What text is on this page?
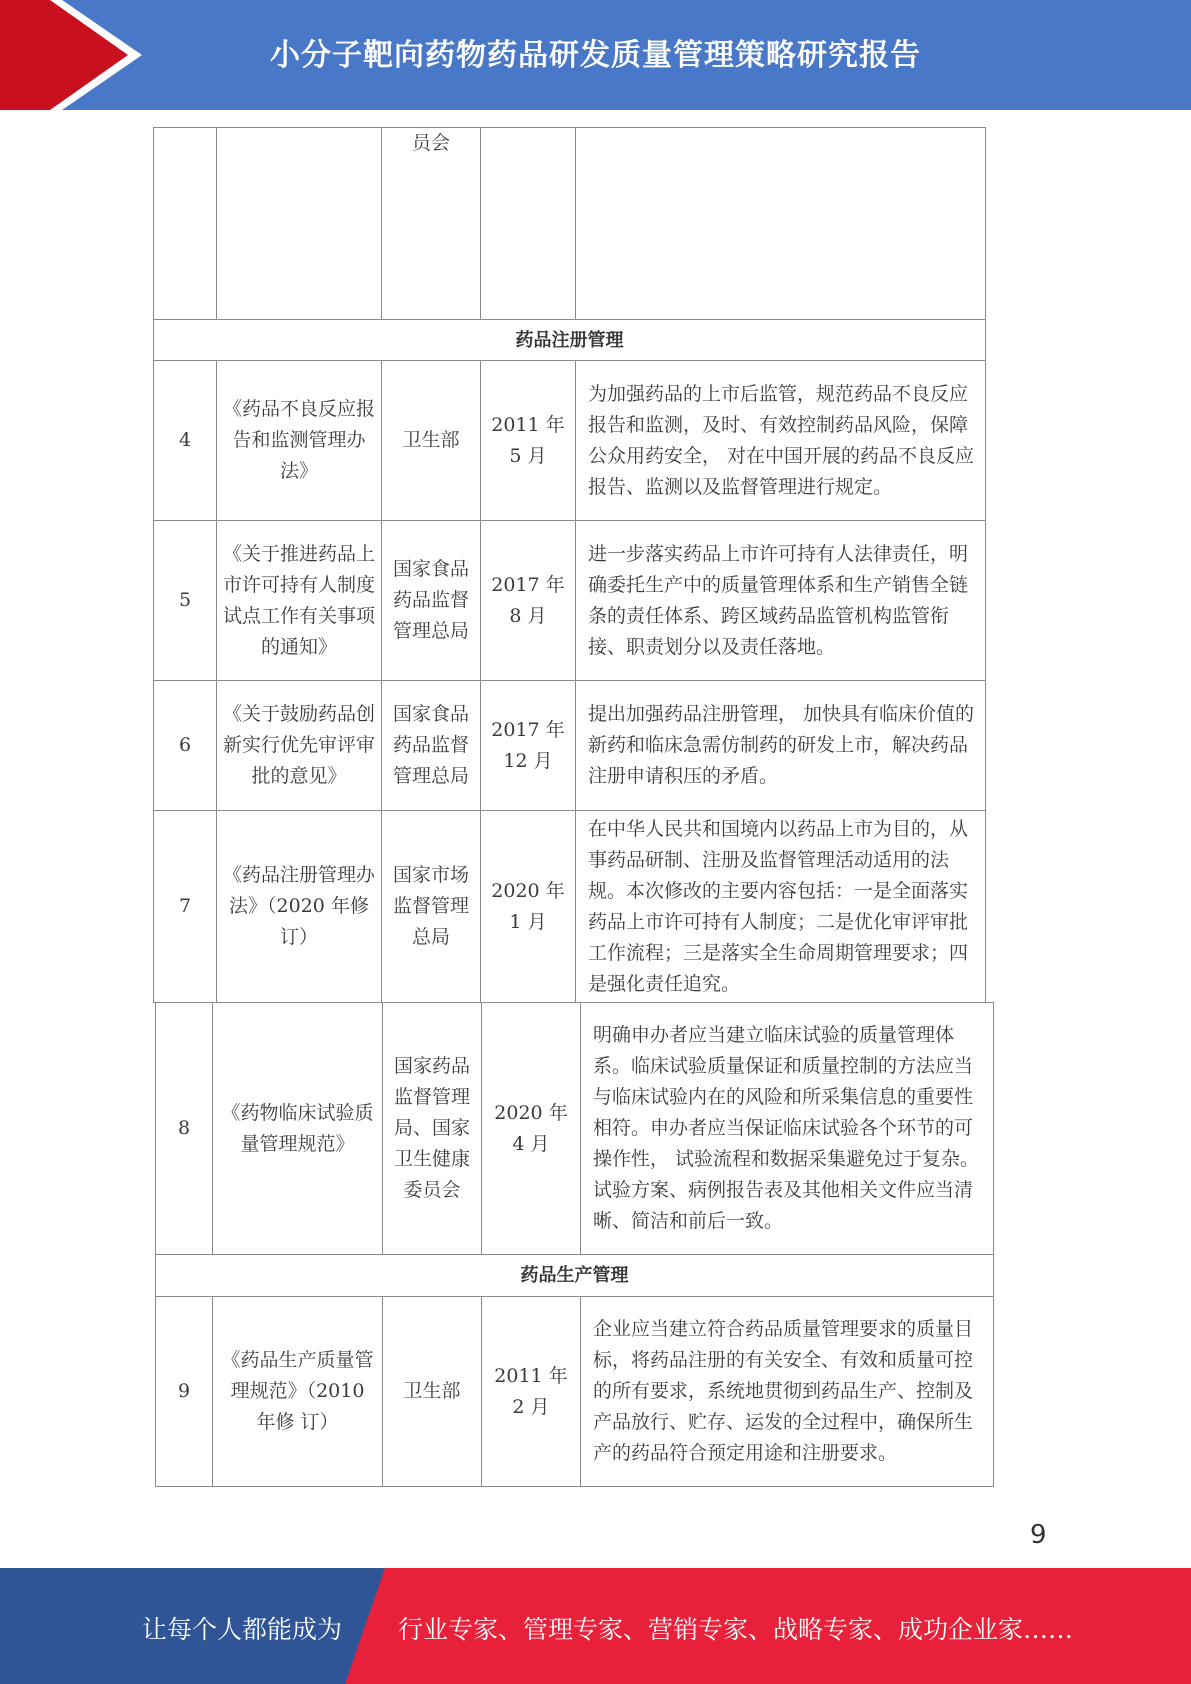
小分子靶向药物药品研发质量管理策略研究报告
		员会		
药品注册管理				
4	《药品不良反应报告和监测管理办法》	卫生部	2011 年 5 月	为加强药品的上市后监管，规范药品不良反应报告和监测，及时、有效控制药品风险，保障公众用药安全， 对在中国开展的药品不良反应报告、监测以及监督管理进行规定。
5	《关于推进药品上市许可持有人制度试点工作有关事项的通知》	国家食品药品监督管理总局	2017 年 8 月	进一步落实药品上市许可持有人法律责任，明确委托生产中的质量管理体系和生产销售全链条的责任体系、跨区域药品监管机构监管衔接、职责划分以及责任落地。
6	《关于鼓励药品创新实行优先审评审批的意见》	国家食品药品监督管理总局	2017 年 12 月	提出加强药品注册管理， 加快具有临床价值的新药和临床急需仿制药的研发上市，解决药品注册申请积压的矛盾。
7	《药品注册管理办法》（2020 年修 订）	国家市场监督管理总局	2020 年 1 月	在中华人民共和国境内以药品上市为目的，从事药品研制、注册及监督管理活动适用的法规。本次修改的主要内容包括：一是全面落实药品上市许可持有人制度；二是优化审评审批工作流程；三是落实全生命周期管理要求；四是强化责任追究。
8	《药物临床试验质量管理规范》	国家药品监督管理局、国家卫生健康委员会	2020 年 4 月	明确申办者应当建立临床试验的质量管理体系。临床试验质量保证和质量控制的方法应当与临床试验内在的风险和所采集信息的重要性相符。申办者应当保证临床试验各个环节的可操作性， 试验流程和数据采集避免过于复杂。试验方案、病例报告表及其他相关文件应当清晰、简洁和前后一致。
药品生产管理				
9	《药品生产质量管理规范》（2010 年修 订）	卫生部	2011 年 2 月	企业应当建立符合药品质量管理要求的质量目标，将药品注册的有关安全、有效和质量可控的所有要求，系统地贯彻到药品生产、控制及产品放行、贮存、运发的全过程中，确保所生产的药品符合预定用途和注册要求。
9
让每个人都能成为 行业专家、管理专家、营销专家、战略专家、成功企业家……
